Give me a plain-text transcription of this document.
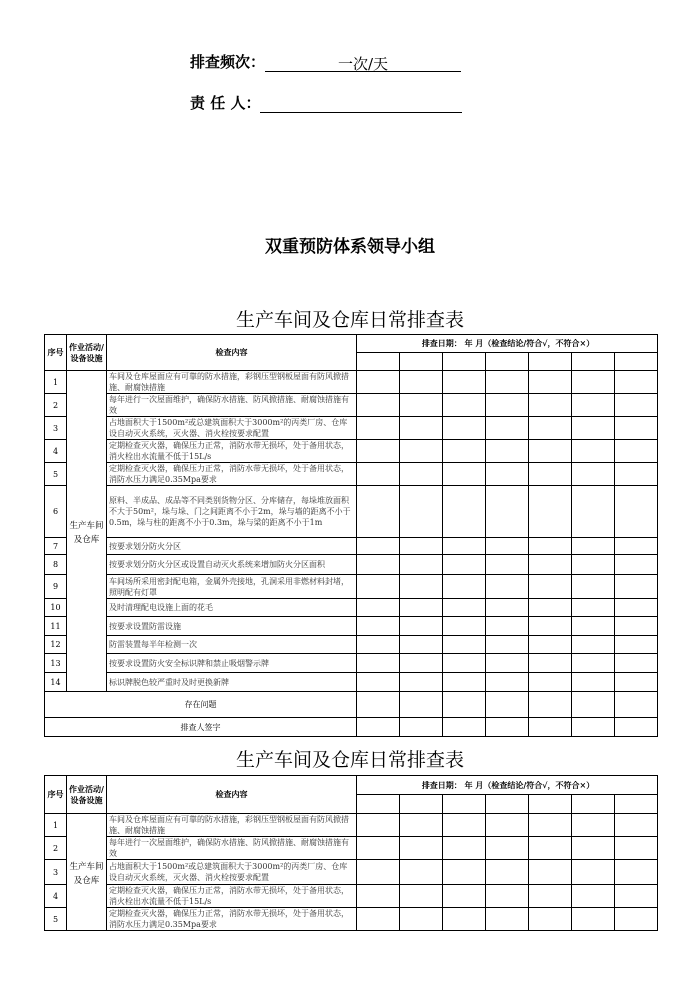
排查频次：	一次/天
责 任 人：
双重预防体系领导小组
生产车间及仓库日常排查表
序号	作业活动/设备设施	检查内容	排查日期： 年 月（检查结论/符合√，不符合×）						

1	生产车间及仓库	车间及仓库屋面应有可靠的防水措施，彩钢压型钢板屋面有防风掀措施、耐腐蚀措施							
2		每年进行一次屋面维护，确保防水措施、防风掀措施、耐腐蚀措施有效							
3		占地面积大于1500m²或总建筑面积大于3000m²的丙类厂房、仓库设自动灭火系统，灭火器、消火栓按要求配置							
4		定期检查灭火器，确保压力正常，消防水带无损坏，处于备用状态，消火栓出水流量不低于15L/s							
5		定期检查灭火器，确保压力正常，消防水带无损坏，处于备用状态，消防水压力满足0.35Mpa要求							
6		原料、半成品、成品等不同类别货物分区、分库储存，每垛堆放面积不大于50m²，垛与垛、门之间距离不小于2m，垛与墙的距离不小于0.5m，垛与柱的距离不小于0.3m，垛与梁的距离不小于1m							
7		按要求划分防火分区							
8		按要求划分防火分区或设置自动灭火系统来增加防火分区面积							
9		车间场所采用密封配电箱，金属外壳接地，孔洞采用非燃材料封堵，照明配有灯罩							
10		及时清理配电设施上面的花毛							
11		按要求设置防雷设施							
12		防雷装置每半年检测一次							
13		按要求设置防火安全标识牌和禁止吸烟警示牌							
14		标识牌脱色较严重时及时更换新牌							
存在问题									
排查人签字									
生产车间及仓库日常排查表
序号	作业活动/设备设施	检查内容	排查日期： 年 月（检查结论/符合√，不符合×）						

1	生产车间及仓库	车间及仓库屋面应有可靠的防水措施，彩钢压型钢板屋面有防风掀措施、耐腐蚀措施							
2		每年进行一次屋面维护，确保防水措施、防风掀措施、耐腐蚀措施有效							
3		占地面积大于1500m²或总建筑面积大于3000m²的丙类厂房、仓库设自动灭火系统，灭火器、消火栓按要求配置							
4		定期检查灭火器，确保压力正常，消防水带无损坏，处于备用状态，消火栓出水流量不低于15L/s							
5		定期检查灭火器，确保压力正常，消防水带无损坏，处于备用状态，消防水压力满足0.35Mpa要求							
